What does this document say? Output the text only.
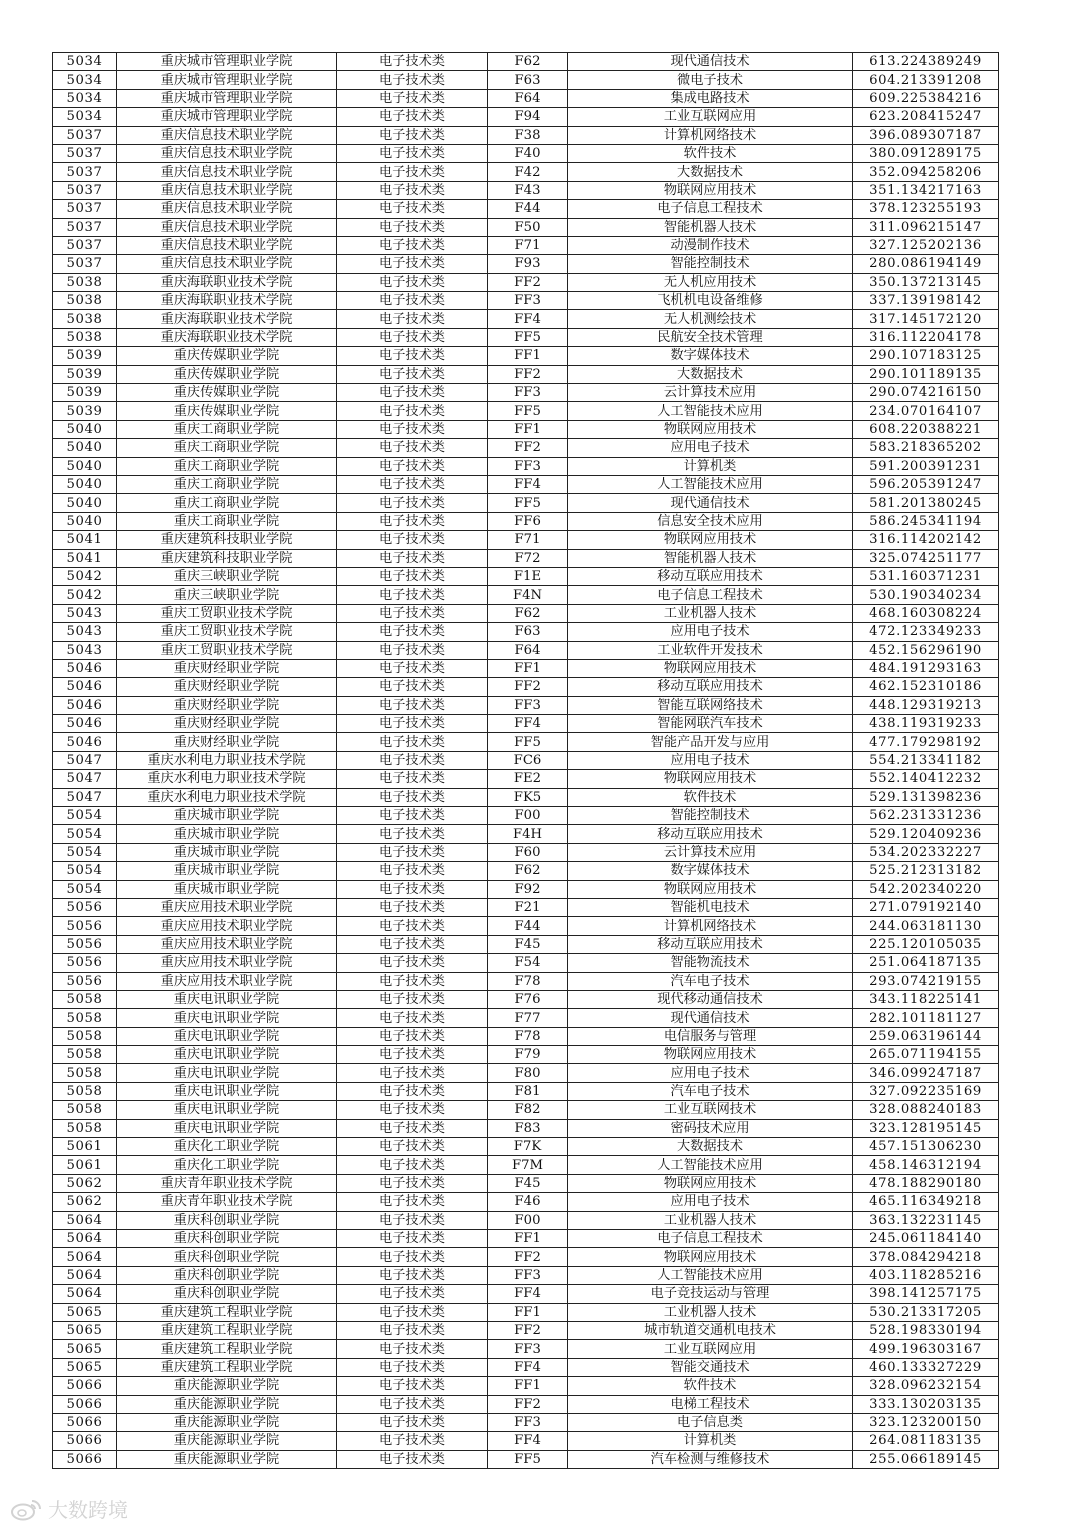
5034	重庆城市管理职业学院	电子技术类	F62	现代通信技术	613.224389249
5034	重庆城市管理职业学院	电子技术类	F63	微电子技术	604.213391208
5034	重庆城市管理职业学院	电子技术类	F64	集成电路技术	609.225384216
5034	重庆城市管理职业学院	电子技术类	F94	工业互联网应用	623.208415247
5037	重庆信息技术职业学院	电子技术类	F38	计算机网络技术	396.089307187
5037	重庆信息技术职业学院	电子技术类	F40	软件技术	380.091289175
5037	重庆信息技术职业学院	电子技术类	F42	大数据技术	352.094258206
5037	重庆信息技术职业学院	电子技术类	F43	物联网应用技术	351.134217163
5037	重庆信息技术职业学院	电子技术类	F44	电子信息工程技术	378.123255193
5037	重庆信息技术职业学院	电子技术类	F50	智能机器人技术	311.096215147
5037	重庆信息技术职业学院	电子技术类	F71	动漫制作技术	327.125202136
5037	重庆信息技术职业学院	电子技术类	F93	智能控制技术	280.086194149
5038	重庆海联职业技术学院	电子技术类	FF2	无人机应用技术	350.137213145
5038	重庆海联职业技术学院	电子技术类	FF3	飞机机电设备维修	337.139198142
5038	重庆海联职业技术学院	电子技术类	FF4	无人机测绘技术	317.145172120
5038	重庆海联职业技术学院	电子技术类	FF5	民航安全技术管理	316.112204178
5039	重庆传媒职业学院	电子技术类	FF1	数字媒体技术	290.107183125
5039	重庆传媒职业学院	电子技术类	FF2	大数据技术	290.101189135
5039	重庆传媒职业学院	电子技术类	FF3	云计算技术应用	290.074216150
5039	重庆传媒职业学院	电子技术类	FF5	人工智能技术应用	234.070164107
5040	重庆工商职业学院	电子技术类	FF1	物联网应用技术	608.220388221
5040	重庆工商职业学院	电子技术类	FF2	应用电子技术	583.218365202
5040	重庆工商职业学院	电子技术类	FF3	计算机类	591.200391231
5040	重庆工商职业学院	电子技术类	FF4	人工智能技术应用	596.205391247
5040	重庆工商职业学院	电子技术类	FF5	现代通信技术	581.201380245
5040	重庆工商职业学院	电子技术类	FF6	信息安全技术应用	586.245341194
5041	重庆建筑科技职业学院	电子技术类	F71	物联网应用技术	316.114202142
5041	重庆建筑科技职业学院	电子技术类	F72	智能机器人技术	325.074251177
5042	重庆三峡职业学院	电子技术类	F1E	移动互联应用技术	531.160371231
5042	重庆三峡职业学院	电子技术类	F4N	电子信息工程技术	530.190340234
5043	重庆工贸职业技术学院	电子技术类	F62	工业机器人技术	468.160308224
5043	重庆工贸职业技术学院	电子技术类	F63	应用电子技术	472.123349233
5043	重庆工贸职业技术学院	电子技术类	F64	工业软件开发技术	452.156296190
5046	重庆财经职业学院	电子技术类	FF1	物联网应用技术	484.191293163
5046	重庆财经职业学院	电子技术类	FF2	移动互联应用技术	462.152310186
5046	重庆财经职业学院	电子技术类	FF3	智能互联网络技术	448.129319213
5046	重庆财经职业学院	电子技术类	FF4	智能网联汽车技术	438.119319233
5046	重庆财经职业学院	电子技术类	FF5	智能产品开发与应用	477.179298192
5047	重庆水利电力职业技术学院	电子技术类	FC6	应用电子技术	554.213341182
5047	重庆水利电力职业技术学院	电子技术类	FE2	物联网应用技术	552.140412232
5047	重庆水利电力职业技术学院	电子技术类	FK5	软件技术	529.131398236
5054	重庆城市职业学院	电子技术类	F00	智能控制技术	562.231331236
5054	重庆城市职业学院	电子技术类	F4H	移动互联应用技术	529.120409236
5054	重庆城市职业学院	电子技术类	F60	云计算技术应用	534.202332227
5054	重庆城市职业学院	电子技术类	F62	数字媒体技术	525.212313182
5054	重庆城市职业学院	电子技术类	F92	物联网应用技术	542.202340220
5056	重庆应用技术职业学院	电子技术类	F21	智能机电技术	271.079192140
5056	重庆应用技术职业学院	电子技术类	F44	计算机网络技术	244.063181130
5056	重庆应用技术职业学院	电子技术类	F45	移动互联应用技术	225.120105035
5056	重庆应用技术职业学院	电子技术类	F54	智能物流技术	251.064187135
5056	重庆应用技术职业学院	电子技术类	F78	汽车电子技术	293.074219155
5058	重庆电讯职业学院	电子技术类	F76	现代移动通信技术	343.118225141
5058	重庆电讯职业学院	电子技术类	F77	现代通信技术	282.101181127
5058	重庆电讯职业学院	电子技术类	F78	电信服务与管理	259.063196144
5058	重庆电讯职业学院	电子技术类	F79	物联网应用技术	265.071194155
5058	重庆电讯职业学院	电子技术类	F80	应用电子技术	346.099247187
5058	重庆电讯职业学院	电子技术类	F81	汽车电子技术	327.092235169
5058	重庆电讯职业学院	电子技术类	F82	工业互联网技术	328.088240183
5058	重庆电讯职业学院	电子技术类	F83	密码技术应用	323.128195145
5061	重庆化工职业学院	电子技术类	F7K	大数据技术	457.151306230
5061	重庆化工职业学院	电子技术类	F7M	人工智能技术应用	458.146312194
5062	重庆青年职业技术学院	电子技术类	F45	物联网应用技术	478.188290180
5062	重庆青年职业技术学院	电子技术类	F46	应用电子技术	465.116349218
5064	重庆科创职业学院	电子技术类	F00	工业机器人技术	363.132231145
5064	重庆科创职业学院	电子技术类	FF1	电子信息工程技术	245.061184140
5064	重庆科创职业学院	电子技术类	FF2	物联网应用技术	378.084294218
5064	重庆科创职业学院	电子技术类	FF3	人工智能技术应用	403.118285216
5064	重庆科创职业学院	电子技术类	FF4	电子竞技运动与管理	398.141257175
5065	重庆建筑工程职业学院	电子技术类	FF1	工业机器人技术	530.213317205
5065	重庆建筑工程职业学院	电子技术类	FF2	城市轨道交通机电技术	528.198330194
5065	重庆建筑工程职业学院	电子技术类	FF3	工业互联网应用	499.196303167
5065	重庆建筑工程职业学院	电子技术类	FF4	智能交通技术	460.133327229
5066	重庆能源职业学院	电子技术类	FF1	软件技术	328.096232154
5066	重庆能源职业学院	电子技术类	FF2	电梯工程技术	333.130203135
5066	重庆能源职业学院	电子技术类	FF3	电子信息类	323.123200150
5066	重庆能源职业学院	电子技术类	FF4	计算机类	264.081183135
5066	重庆能源职业学院	电子技术类	FF5	汽车检测与维修技术	255.066189145
大数跨境
